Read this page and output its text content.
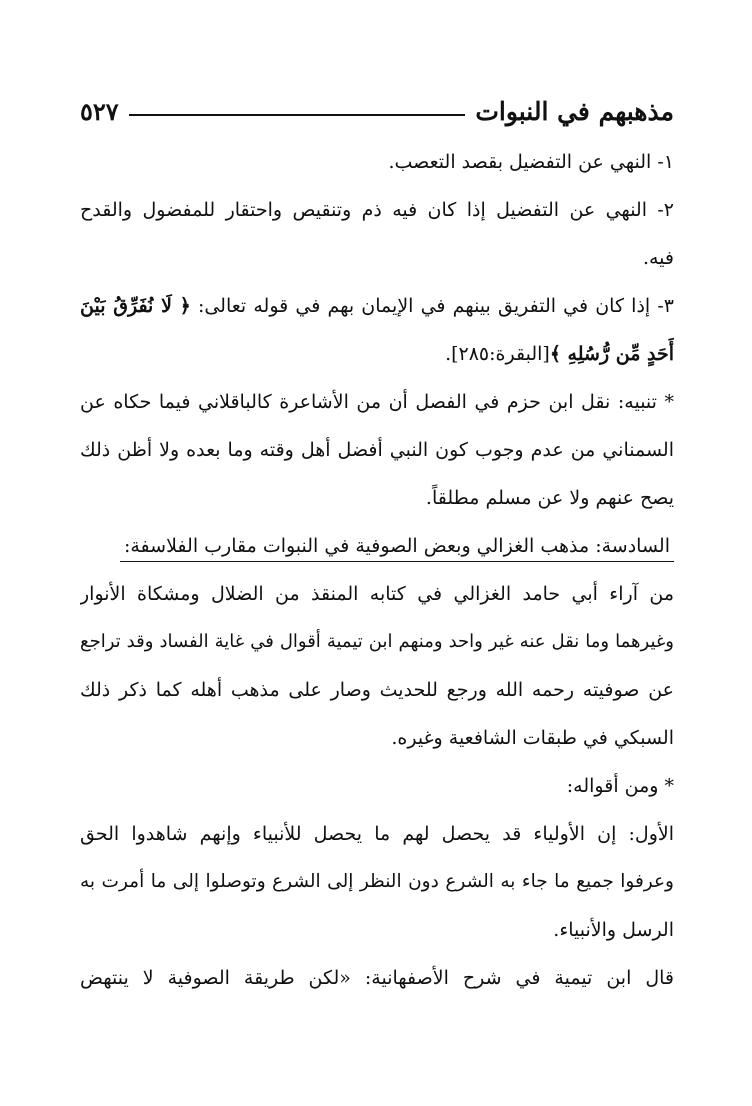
مذهبهم في النبوات
٥٢٧
١- النهي عن التفضيل بقصد التعصب.
٢- النهي عن التفضيل إذا كان فيه ذم وتنقيص واحتقار للمفضول والقدح
فيه.
٣- إذا كان في التفريق بينهم في الإيمان بهم في قوله تعالى: ﴿ لَا نُفَرِّقُ بَيْنَ
أَحَدٍ مِّن رُّسُلِهِ ﴾[البقرة:٢٨٥].
* تنبيه: نقل ابن حزم في الفصل أن من الأشاعرة كالباقلاني فيما حكاه عن
السمناني من عدم وجوب كون النبي أفضل أهل وقته وما بعده ولا أظن ذلك
يصح عنهم ولا عن مسلم مطلقاً.
السادسة: مذهب الغزالي وبعض الصوفية في النبوات مقارب الفلاسفة:
من آراء أبي حامد الغزالي في كتابه المنقذ من الضلال ومشكاة الأنوار
وغيرهما وما نقل عنه غير واحد ومنهم ابن تيمية أقوال في غاية الفساد وقد تراجع
عن صوفيته رحمه الله ورجع للحديث وصار على مذهب أهله كما ذكر ذلك
السبكي في طبقات الشافعية وغيره.
* ومن أقواله:
الأول: إن الأولياء قد يحصل لهم ما يحصل للأنبياء وإنهم شاهدوا الحق
وعرفوا جميع ما جاء به الشرع دون النظر إلى الشرع وتوصلوا إلى ما أمرت به
الرسل والأنبياء.
قال ابن تيمية في شرح الأصفهانية: «لكن طريقة الصوفية لا ينتهض
